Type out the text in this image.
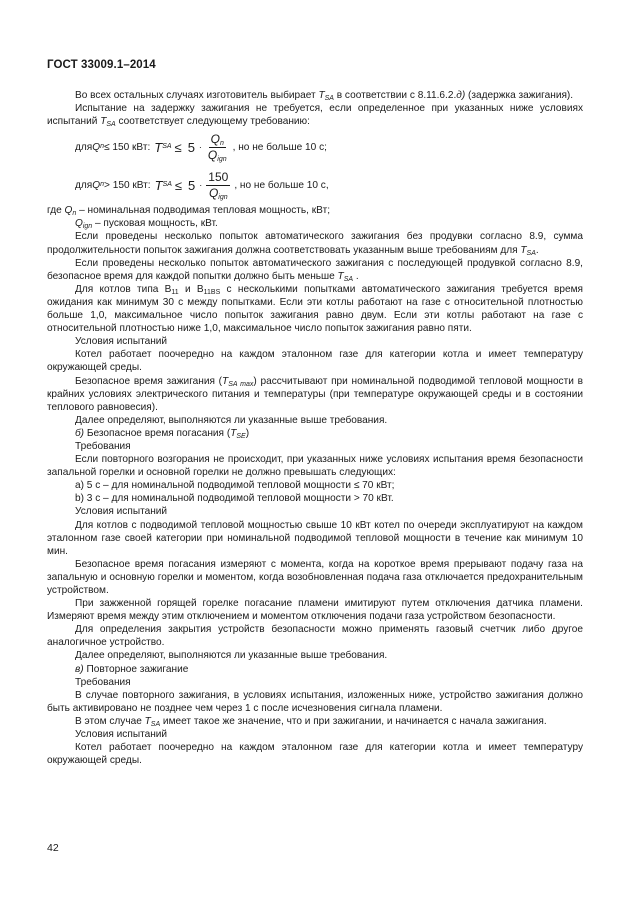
ГОСТ 33009.1–2014

Во всех остальных случаях изготовитель выбирает $T_{SA}$ в соответствии с 8.11.6.2.д) (задержка зажигания).

Испытание на задержку зажигания не требуется, если определенное при указанных ниже условиях испытаний $T_{SA}$ соответствует следующему требованию:

для Q n ≤ 150 кВт: T SA ≤ $5 \cdot \frac{Q_n}{Q_{ign}}$ , но не больше 10 с;
для Q n > 150 кВт: T SA ≤ $5 \cdot \frac{150}{Q_{ign}}$ , но не больше 10 с,

где $Q_n$ – номинальная подводимая тепловая мощность, кВт;

$Q_{ign}$ – пусковая мощность, кВт.

Если проведены несколько попыток автоматического зажигания без продувки согласно 8.9, сумма продолжительности попыток зажигания должна соответствовать указанным выше требованиям для $T_{SA}$.

Если проведены несколько попыток автоматического зажигания с последующей продувкой согласно 8.9, безопасное время для каждой попытки должно быть меньше $T_{SA}$ .

Для котлов типа $B_{11}$ и $B_{11BS}$ с несколькими попытками автоматического зажигания требуется время ожидания как минимум 30 с между попытками. Если эти котлы работают на газе с относительной плотностью больше 1,0, максимальное число попыток зажигания равно двум. Если эти котлы работают на газе с относительной плотностью ниже 1,0, максимальное число попыток зажигания равно пяти.

Условия испытаний

Котел работает поочередно на каждом эталонном газе для категории котла и имеет температуру окружающей среды.

Безопасное время зажигания $(T_{SA max})$ рассчитывают при номинальной подводимой тепловой мощности в крайних условиях электрического питания и температуры (при температуре окружающей среды и в состоянии теплового равновесия).

Далее определяют, выполняются ли указанные выше требования.

б) Безопасное время погасания $(T_{SE})$

Требования

Если повторного возгорания не происходит, при указанных ниже условиях испытания время безопасности запальной горелки и основной горелки не должно превышать следующих:

а) 5 с – для номинальной подводимой тепловой мощности ≤ 70 кВт;

b) 3 с – для номинальной подводимой тепловой мощности > 70 кВт.

Условия испытаний

Для котлов с подводимой тепловой мощностью свыше 10 кВт котел по очереди эксплуатируют на каждом эталонном газе своей категории при номинальной подводимой тепловой мощности в течение как минимум 10 мин.

Безопасное время погасания измеряют с момента, когда на короткое время прерывают подачу газа на запальную и основную горелки и моментом, когда возобновленная подача газа отключается предохранительным устройством.

При зажженной горящей горелке погасание пламени имитируют путем отключения датчика пламени. Измеряют время между этим отключением и моментом отключения подачи газа устройством безопасности.

Для определения закрытия устройств безопасности можно применять газовый счетчик либо другое аналогичное устройство.

Далее определяют, выполняются ли указанные выше требования.

в) Повторное зажигание

Требования

В случае повторного зажигания, в условиях испытания, изложенных ниже, устройство зажигания должно быть активировано не позднее чем через 1 с после исчезновения сигнала пламени.

В этом случае $T_{SA}$ имеет такое же значение, что и при зажигании, и начинается с начала зажигания.

Условия испытаний

Котел работает поочередно на каждом эталонном газе для категории котла и имеет температуру окружающей среды.

42
